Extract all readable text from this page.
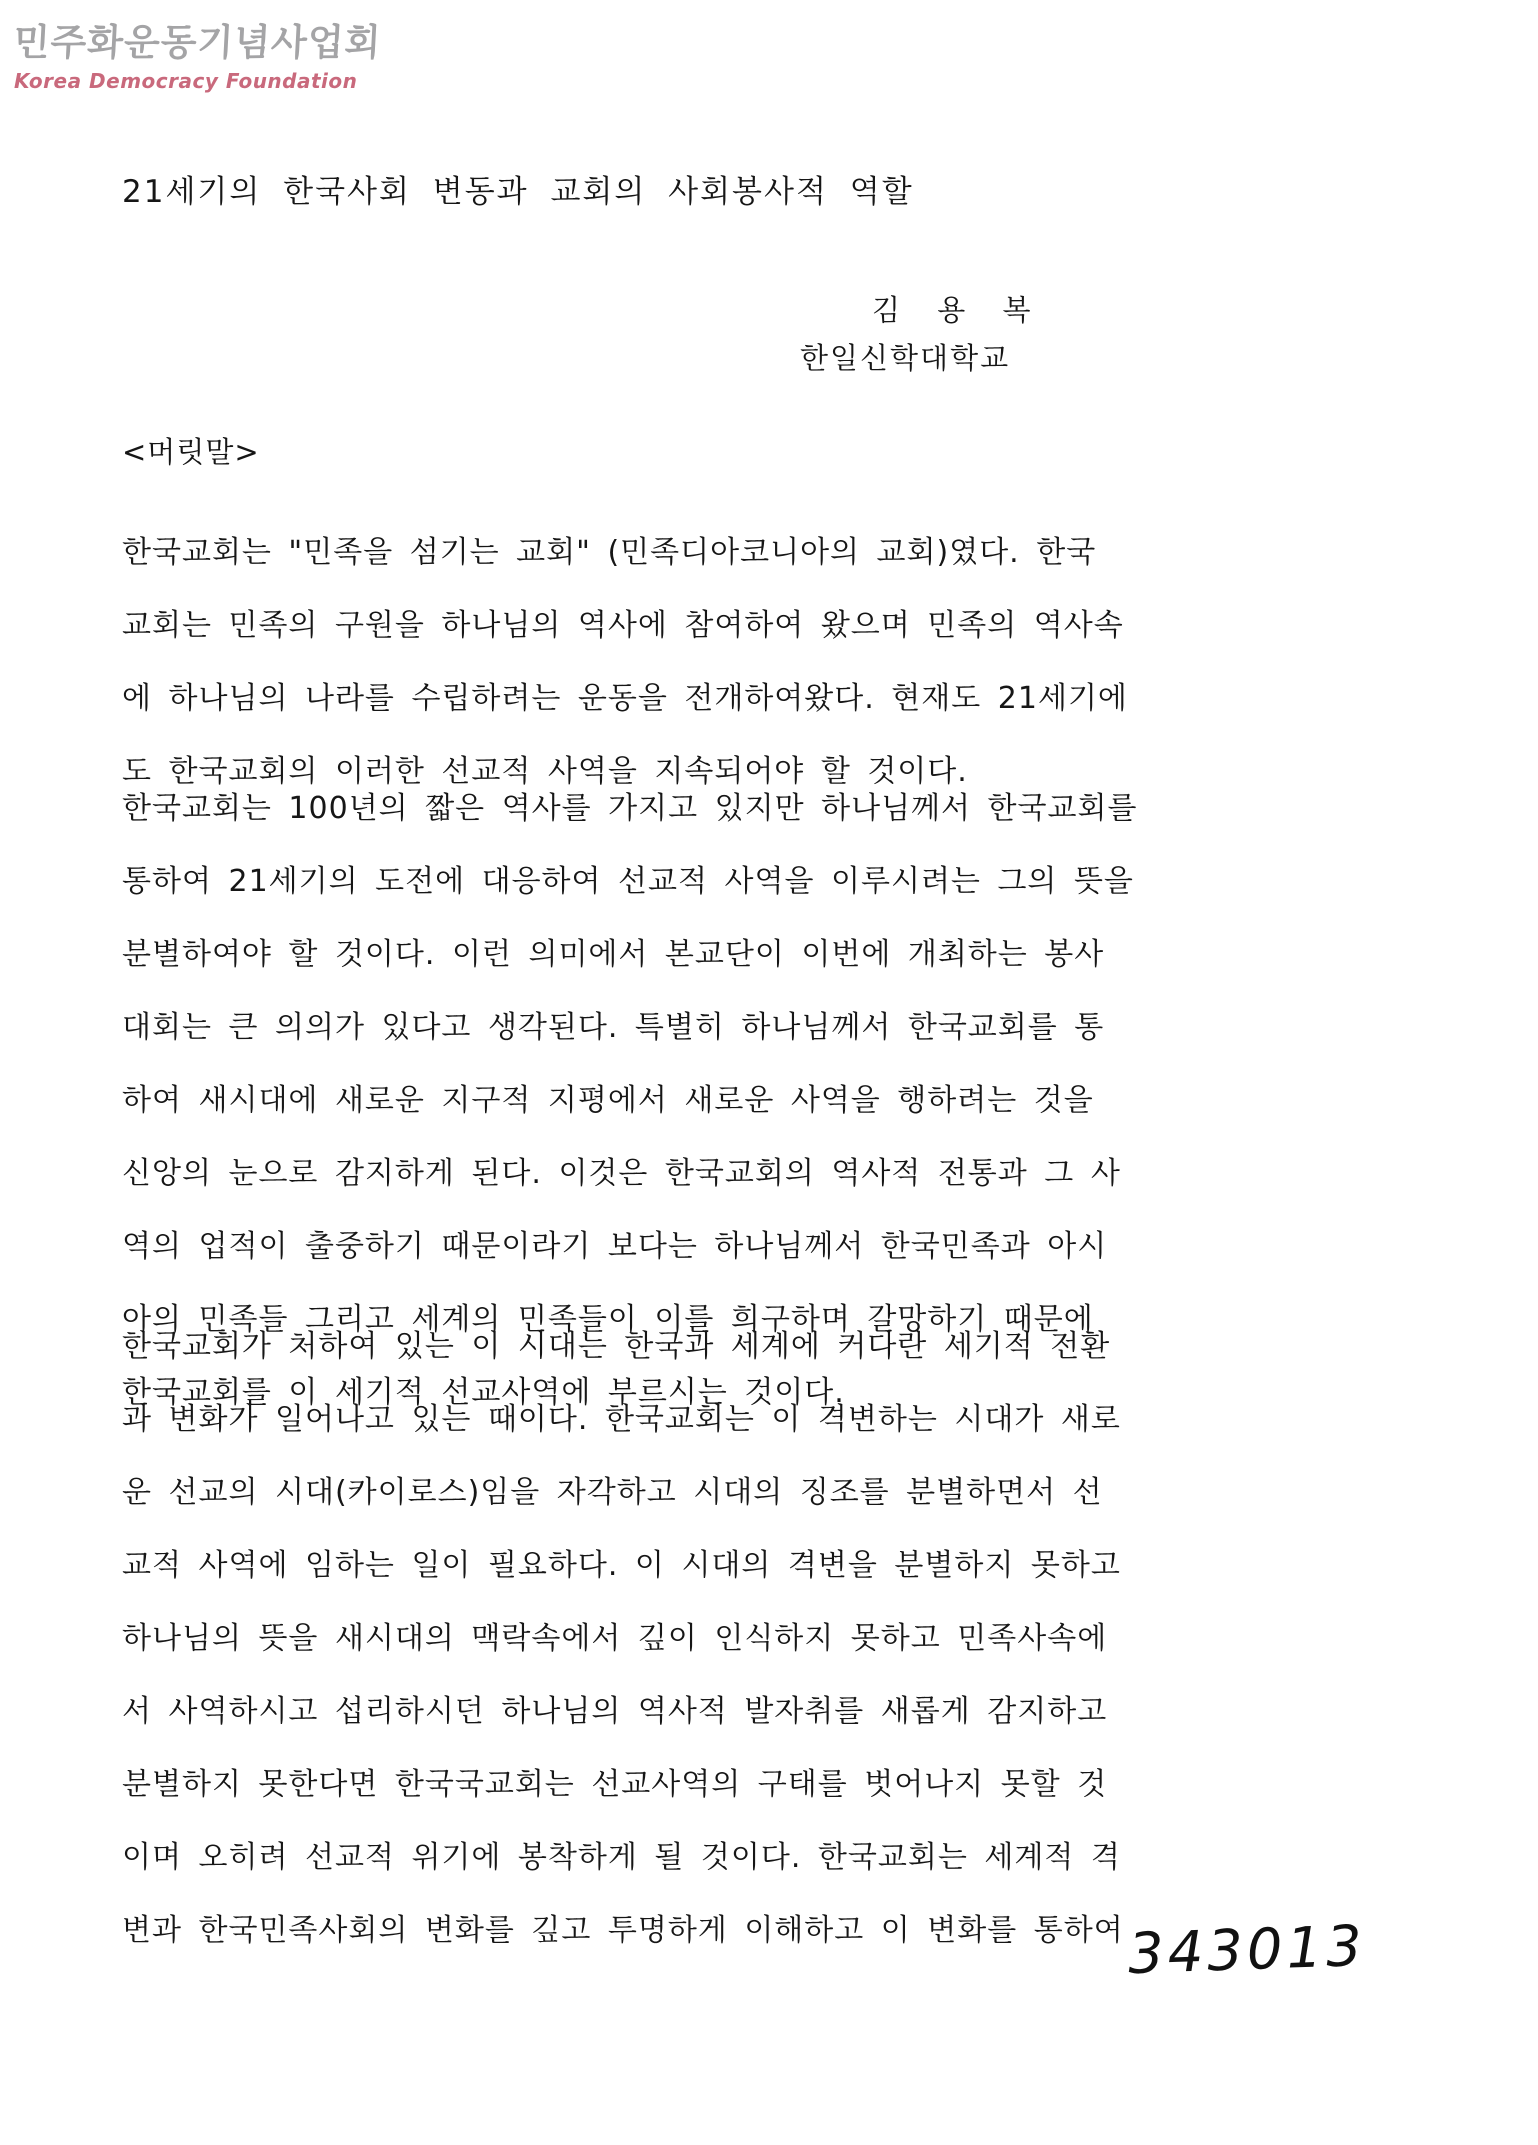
민주화운동기념사업회
Korea Democracy Foundation
21세기의 한국사회 변동과 교회의 사회봉사적 역할
김 용 복
한일신학대학교
<머릿말>
한국교회는 "민족을 섬기는 교회" (민족디아코니아의 교회)였다. 한국
교회는 민족의 구원을 하나님의 역사에 참여하여 왔으며 민족의 역사속
에 하나님의 나라를 수립하려는 운동을 전개하여왔다. 현재도 21세기에
도 한국교회의 이러한 선교적 사역을 지속되어야 할 것이다.
한국교회는 100년의 짧은 역사를 가지고 있지만 하나님께서 한국교회를
통하여 21세기의 도전에 대응하여 선교적 사역을 이루시려는 그의 뜻을
분별하여야 할 것이다. 이런 의미에서 본교단이 이번에 개최하는 봉사
대회는 큰 의의가 있다고 생각된다. 특별히 하나님께서 한국교회를 통
하여 새시대에 새로운 지구적 지평에서 새로운 사역을 행하려는 것을
신앙의 눈으로 감지하게 된다. 이것은 한국교회의 역사적 전통과 그 사
역의 업적이 출중하기 때문이라기 보다는 하나님께서 한국민족과 아시
아의 민족들 그리고 세계의 민족들이 이를 희구하며 갈망하기 때문에
한국교회를 이 세기적 선교사역에 부르시는 것이다.
한국교회가 처하여 있는 이 시대는 한국과 세계에 커다란 세기적 전환
과 변화가 일어나고 있는 때이다. 한국교회는 이 격변하는 시대가 새로
운 선교의 시대(카이로스)임을 자각하고 시대의 징조를 분별하면서 선
교적 사역에 임하는 일이 필요하다. 이 시대의 격변을 분별하지 못하고
하나님의 뜻을 새시대의 맥락속에서 깊이 인식하지 못하고 민족사속에
서 사역하시고 섭리하시던 하나님의 역사적 발자취를 새롭게 감지하고
분별하지 못한다면 한국국교회는 선교사역의 구태를 벗어나지 못할 것
이며 오히려 선교적 위기에 봉착하게 될 것이다. 한국교회는 세계적 격
변과 한국민족사회의 변화를 깊고 투명하게 이해하고 이 변화를 통하여 343013
